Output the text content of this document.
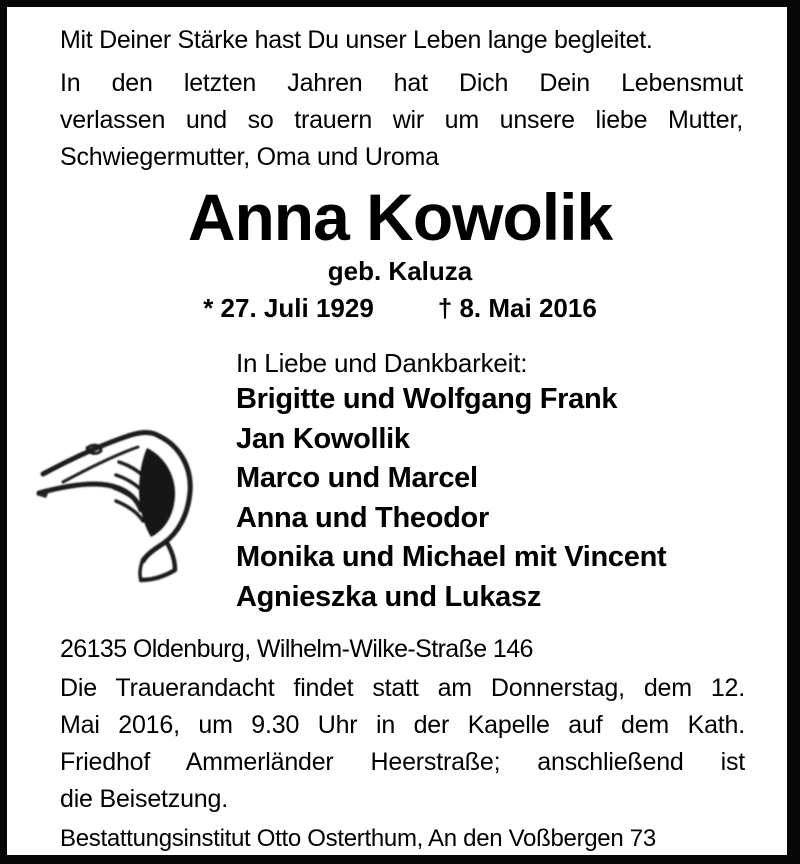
Mit Deiner Stärke hast Du unser Leben lange begleitet.

In den letzten Jahren hat Dich Dein Lebensmut
verlassen und so trauern wir um unsere liebe Mutter,
Schwiegermutter, Oma und Uroma
Anna Kowolik
geb. Kaluza
* 27. Juli 1929 † 8. Mai 2016
In Liebe und Dankbarkeit:
Brigitte und Wolfgang Frank
Jan Kowollik
Marco und Marcel
Anna und Theodor
Monika und Michael mit Vincent
Agnieszka und Lukasz
26135 Oldenburg, Wilhelm-Wilke-Straße 146
Die Trauerandacht findet statt am Donnerstag, dem 12.
Mai 2016, um 9.30 Uhr in der Kapelle auf dem Kath.
Friedhof Ammerländer Heerstraße; anschließend ist
die Beisetzung.
Bestattungsinstitut Otto Osterthum, An den Voßbergen 73
